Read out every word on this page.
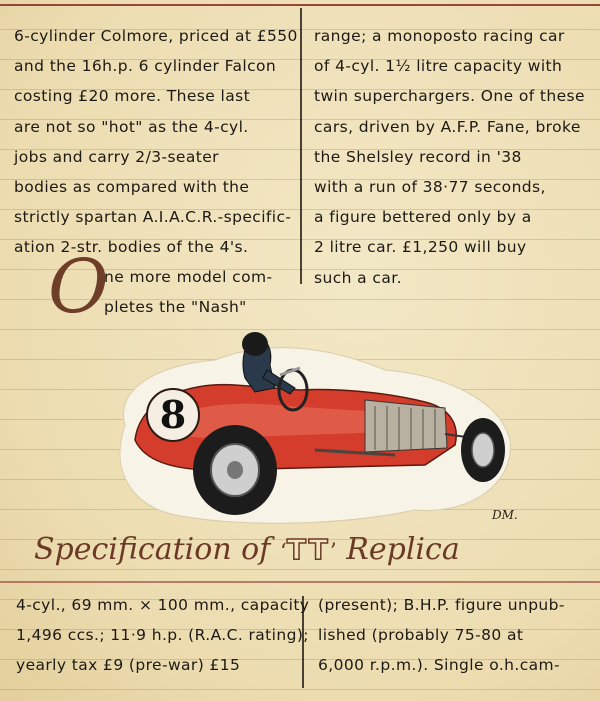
6-cylinder Colmore, priced at £550
and the 16h.p. 6 cylinder Falcon
costing £20 more. These last
are not so "hot" as the 4-cyl.
jobs and carry 2/3-seater
bodies as compared with the
strictly spartan A.I.A.C.R.-specific-
ation 2-str. bodies of the 4's.
O
ne more model com-
pletes the "Nash"
range; a monoposto racing car
of 4-cyl. 1½ litre capacity with
twin superchargers. One of these
cars, driven by A.F.P. Fane, broke
the Shelsley record in '38
with a run of 38·77 seconds,
a figure bettered only by a
2 litre car. £1,250 will buy
such a car.
8
DM.
Specification of ‘TT’ Replica
4-cyl., 69 mm. × 100 mm., capacity
1,496 ccs.; 11·9 h.p. (R.A.C. rating);
yearly tax £9 (pre-war) £15
(present); B.H.P. figure unpub-
lished (probably 75-80 at
6,000 r.p.m.). Single o.h.cam-
